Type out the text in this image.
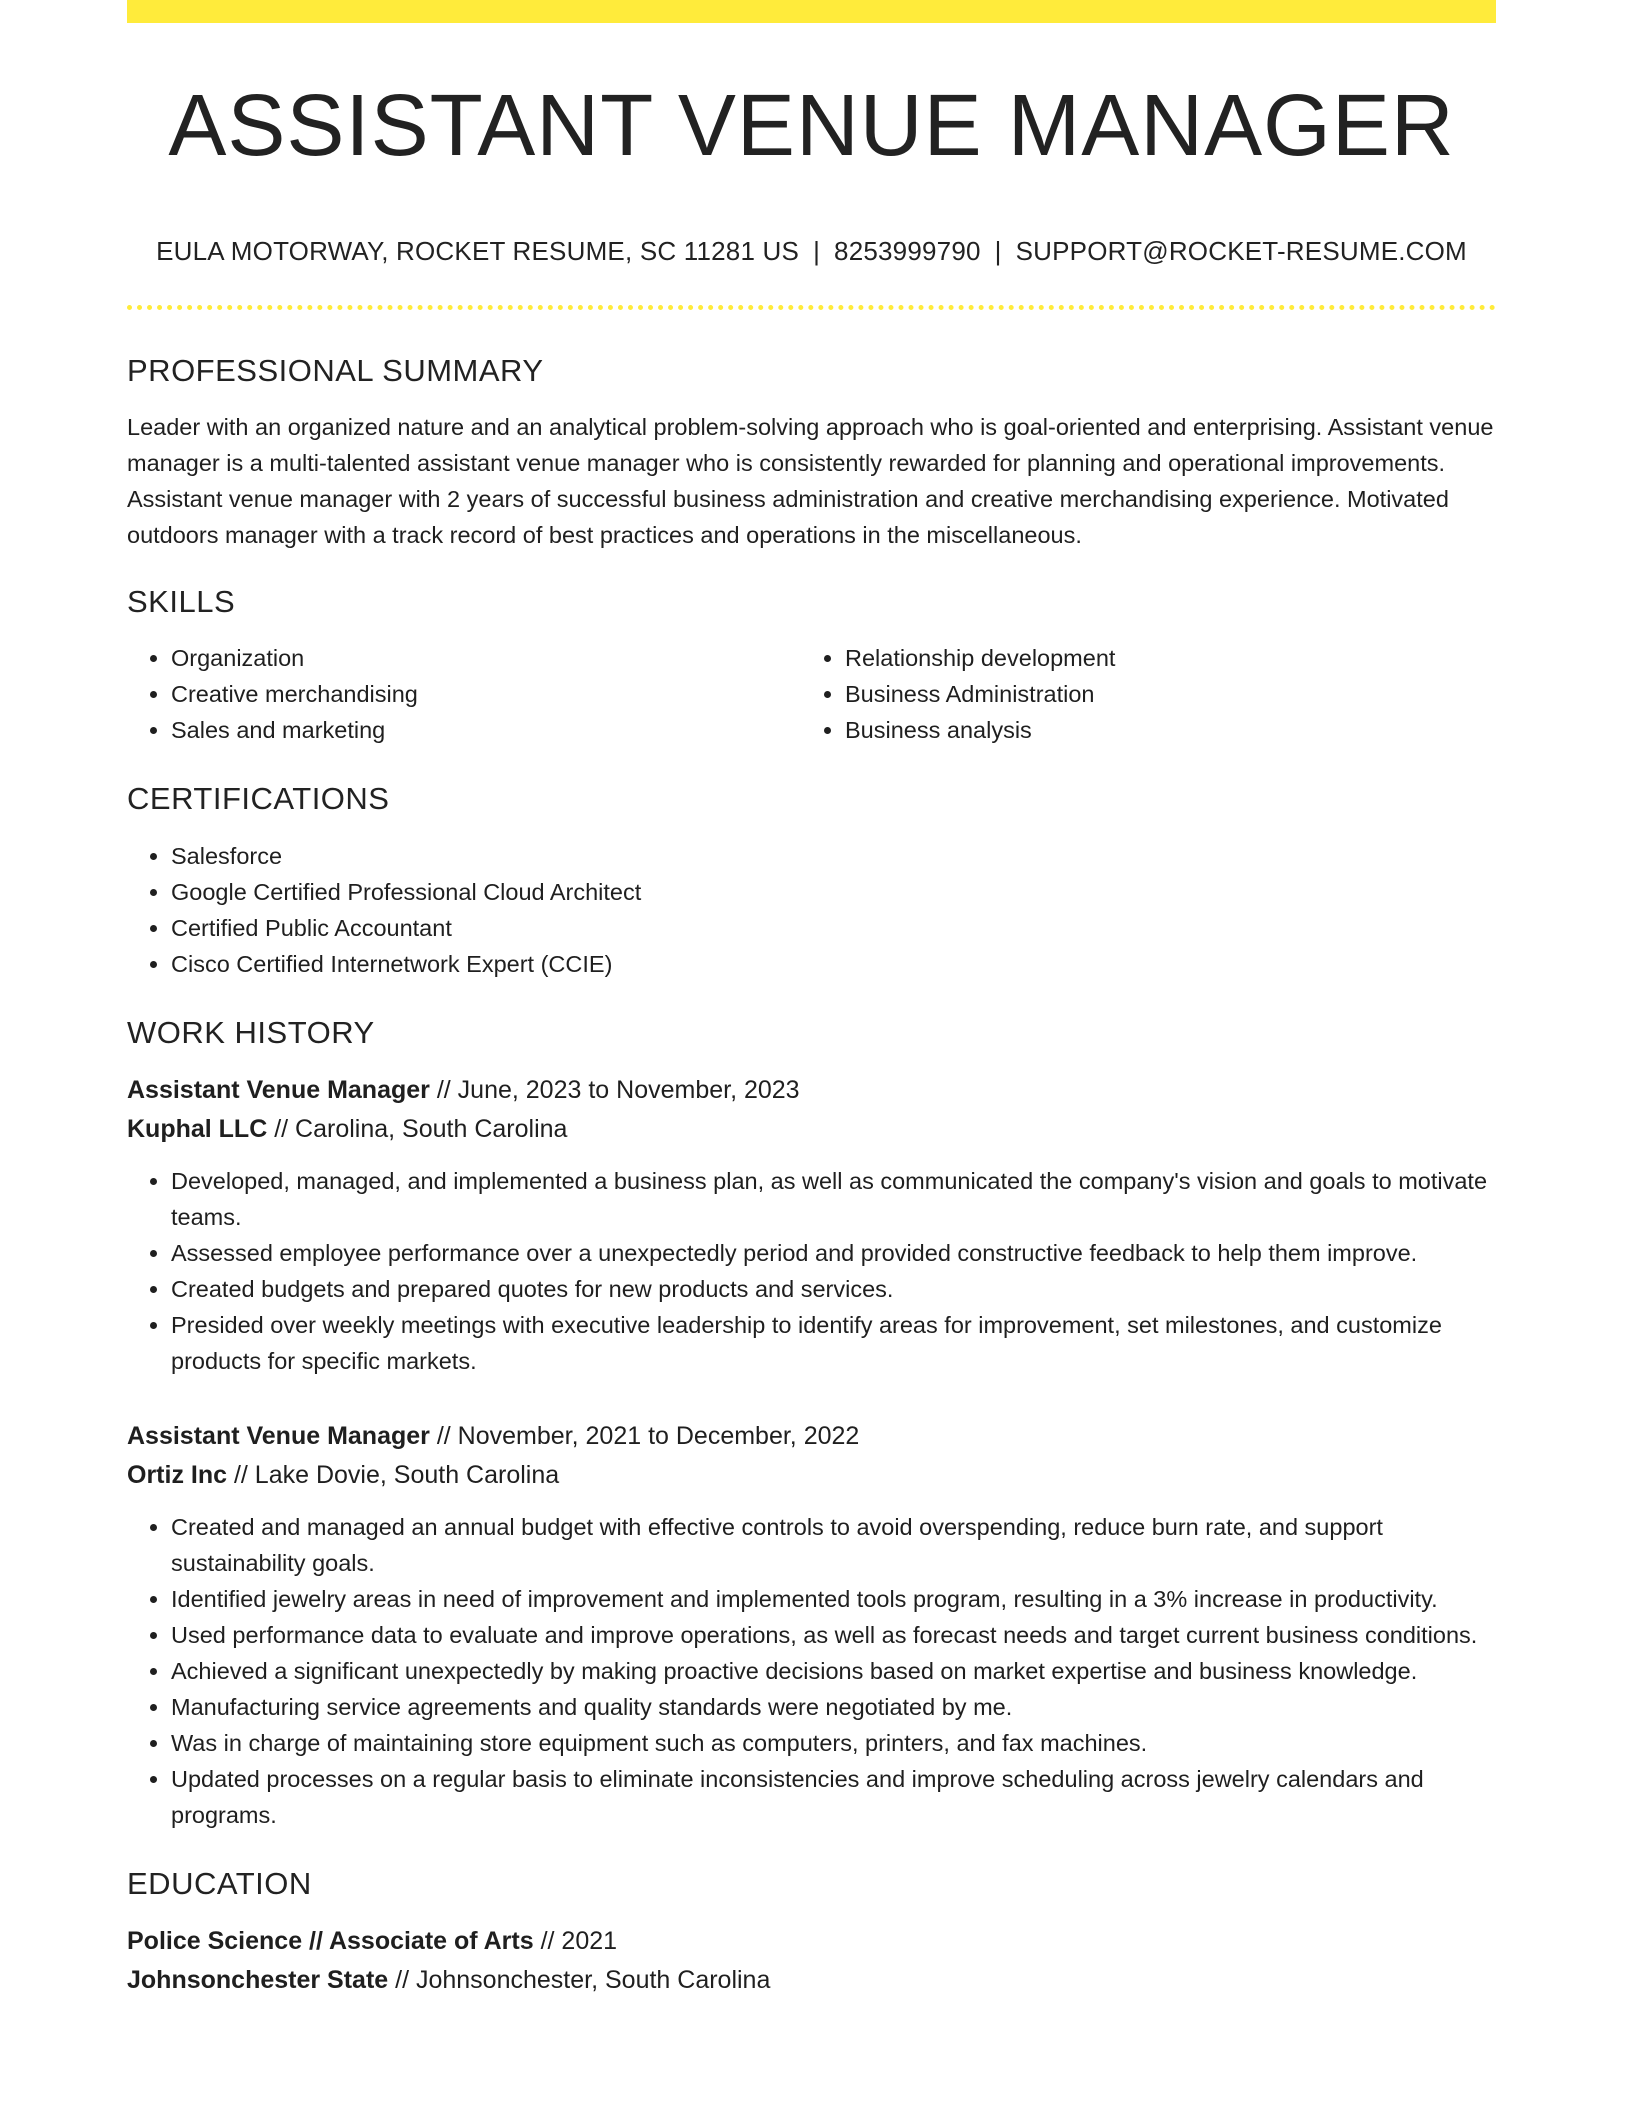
ASSISTANT VENUE MANAGER
EULA MOTORWAY, ROCKET RESUME, SC 11281 US | 8253999790 | SUPPORT@ROCKET-RESUME.COM
PROFESSIONAL SUMMARY

Leader with an organized nature and an analytical problem-solving approach who is goal-oriented and enterprising. Assistant venue manager is a multi-talented assistant venue manager who is consistently rewarded for planning and operational improvements. Assistant venue manager with 2 years of successful business administration and creative merchandising experience. Motivated outdoors manager with a track record of best practices and operations in the miscellaneous.

SKILLS
• Organization
• Creative merchandising
• Sales and marketing
• Relationship development
• Business Administration
• Business analysis
CERTIFICATIONS
• Salesforce
• Google Certified Professional Cloud Architect
• Certified Public Accountant
• Cisco Certified Internetwork Expert (CCIE)
WORK HISTORY
Assistant Venue Manager // June, 2023 to November, 2023
Kuphal LLC // Carolina, South Carolina
• Developed, managed, and implemented a business plan, as well as communicated the company's vision and goals to motivate teams.
• Assessed employee performance over a unexpectedly period and provided constructive feedback to help them improve.
• Created budgets and prepared quotes for new products and services.
• Presided over weekly meetings with executive leadership to identify areas for improvement, set milestones, and customize products for specific markets.
Assistant Venue Manager // November, 2021 to December, 2022
Ortiz Inc // Lake Dovie, South Carolina
• Created and managed an annual budget with effective controls to avoid overspending, reduce burn rate, and support sustainability goals.
• Identified jewelry areas in need of improvement and implemented tools program, resulting in a 3% increase in productivity.
• Used performance data to evaluate and improve operations, as well as forecast needs and target current business conditions.
• Achieved a significant unexpectedly by making proactive decisions based on market expertise and business knowledge.
• Manufacturing service agreements and quality standards were negotiated by me.
• Was in charge of maintaining store equipment such as computers, printers, and fax machines.
• Updated processes on a regular basis to eliminate inconsistencies and improve scheduling across jewelry calendars and programs.
EDUCATION
Police Science // Associate of Arts // 2021
Johnsonchester State // Johnsonchester, South Carolina
